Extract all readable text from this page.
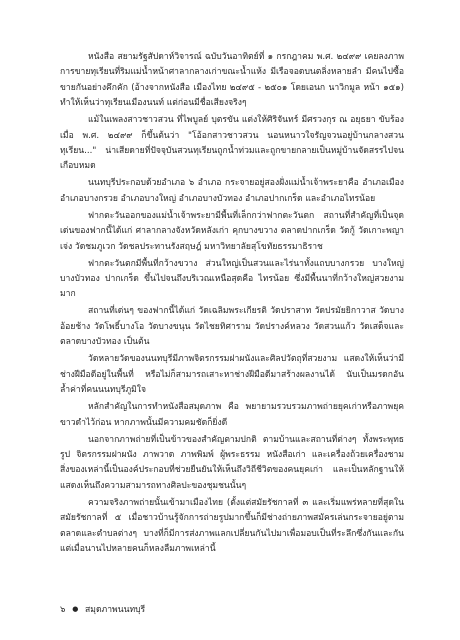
หนังสือ สยามรัฐสัปดาห์วิจารณ์ ฉบับวันอาทิตย์ที่ ๑ กรกฎาคม พ.ศ. ๒๔๙๙ เคยลงภาพการขายทุเรียนที่ริมแม่น้ำหน้าศาลากลางเก่าขณะน้ำแห้ง มีเรือจอดบนตลิ่งหลายลำ มีคนไปซื้อขายกันอย่างคึกคัก (อ้างจากหนังสือ เมืองไทย ๒๔๙๕ - ๒๕๐๑ โดยเอนก นาวิกมูล หน้า ๑๕๑) ทำให้เห็นว่าทุเรียนเมืองนนท์ แต่ก่อนมีชื่อเสียงจริงๆ

แม้ในเพลงสาวชาวสวน ที่ไพบูลย์ บุตรขัน แต่งให้ศิริจันทร์ มีศรวงกุร ณ อยุธยา ขับร้องเมื่อ พ.ศ. ๒๔๙๙ ก็ขึ้นต้นว่า "โอ้อกสาวชาวสวน นอนหนาวใจรัญจวนอยู่บ้านกลางสวนทุเรียน..." น่าเสียดายที่ปัจจุบันสวนทุเรียนถูกน้ำท่วมและถูกขายกลายเป็นหมู่บ้านจัดสรรไปจนเกือบหมด

นนทบุรีประกอบด้วยอำเภอ ๖ อำเภอ กระจายอยู่สองฝั่งแม่น้ำเจ้าพระยาคือ อำเภอเมือง อำเภอบางกรวย อำเภอบางใหญ่ อำเภอบางบัวทอง อำเภอปากเกร็ด และอำเภอไทรน้อย

ฟากตะวันออกของแม่น้ำเจ้าพระยามีพื้นที่เล็กกว่าฟากตะวันตก สถานที่สำคัญที่เป็นจุดเด่นของฟากนี้ได้แก่ ศาลากลางจังหวัดหลังเก่า คุกบางขวาง ตลาดปากเกร็ด วัดกู้ วัดเกาะพญาเจ่ง วัดชมภูเวก วัดชลประทานรังสฤษฎ์ มหาวิทยาลัยสุโขทัยธรรมาธิราช

ฟากตะวันตกมีพื้นที่กว้างขวาง ส่วนใหญ่เป็นสวนและไร่นาทั้งแถบบางกรวย บางใหญ่ บางบัวทอง ปากเกร็ด ขึ้นไปจนถึงบริเวณเหนือสุดคือ ไทรน้อย ซึ่งมีพื้นนาที่กว้างใหญ่สวยงามมาก

สถานที่เด่นๆ ของฟากนี้ได้แก่ วัดเฉลิมพระเกียรติ วัดปราสาท วัดปรมัยยิกาวาส วัดบางอ้อยช้าง วัดโพธิ์บางโอ วัดบางขนุน วัดไชยทิศาราม วัดปรางค์หลวง วัดสวนแก้ว วัดเสด็จและตลาดบางบัวทอง เป็นต้น

วัดหลายวัดของนนทบุรีมีภาพจิตรกรรมฝาผนังและศิลปวัตถุที่สวยงาม แสดงให้เห็นว่ามีช่างฝีมือดีอยู่ในพื้นที่ หรือไม่ก็สามารถเสาะหาช่างฝีมือดีมาสร้างผลงานได้ นับเป็นมรดกอันล้ำค่าที่คนนนทบุรีภูมิใจ

หลักสำคัญในการทำหนังสือสมุดภาพ คือ พยายามรวบรวมภาพถ่ายยุคเก่าหรือภาพยุคขาวดำไว้ก่อน หากภาพนั้นมีความคมชัดก็ยิ่งดี

นอกจากภาพถ่ายที่เป็นข้าวของสำคัญตามปกติ ตามบ้านและสถานที่ต่างๆ ทั้งพระพุทธรูป จิตรกรรมฝาผนัง ภาพวาด ภาพพิมพ์ ผู้พระธรรม หนังสือเก่า และเครื่องถ้วยเครื่องชาม สิ่งของเหล่านี้เป็นองค์ประกอบที่ช่วยยืนยันให้เห็นถึงวิถีชีวิตของคนยุคเก่า และเป็นหลักฐานให้แสดงเห็นถึงความสามารถทางศิลปะของชุมชนนั้นๆ

ความจริงภาพถ่ายนั้นเข้ามาเมืองไทย (ตั้งแต่สมัยรัชกาลที่ ๓ และเริ่มแพร่หลายที่สุดในสมัยรัชกาลที่ ๕ เมื่อชาวบ้านรู้จักการถ่ายรูปมากขึ้นก็มีช่างถ่ายภาพสมัครเล่นกระจายอยู่ตามตลาดและตำบลต่างๆ บางที่ก็มีการส่งภาพแลกเปลี่ยนกันไปมาเพื่อมอบเป็นที่ระลึกซึ่งกันและกัน แต่เมื่อนานไปหลายคนก็หลงลืมภาพเหล่านี้

๖ ● สมุดภาพนนทบุรี
